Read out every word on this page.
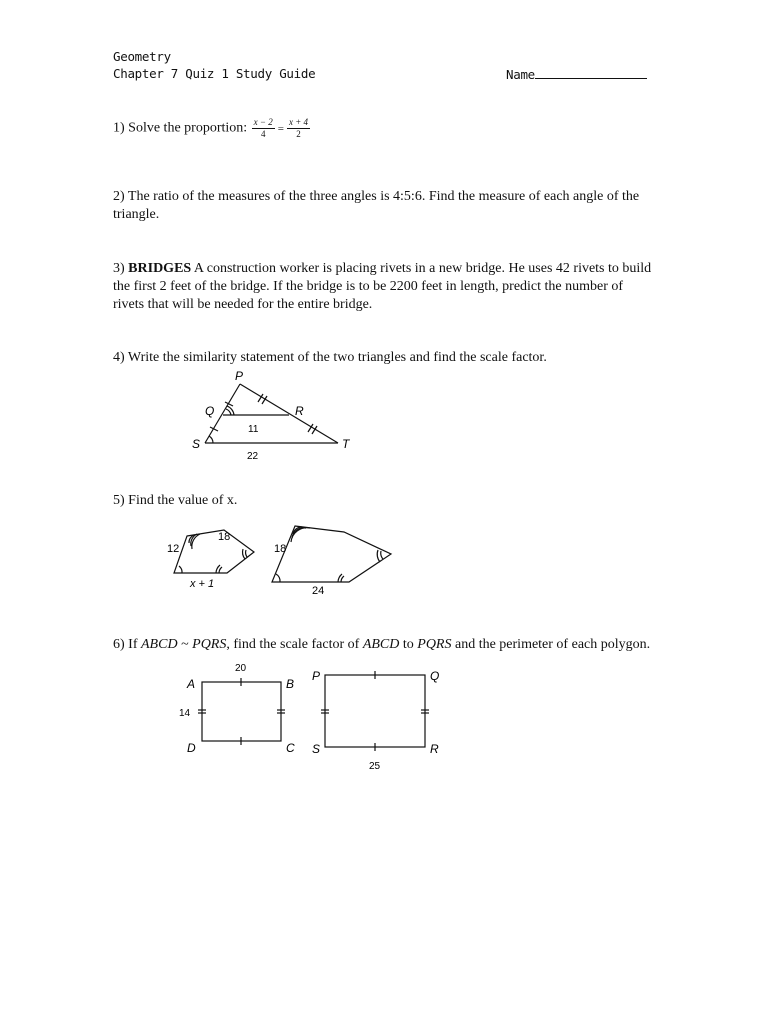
Geometry
Chapter 7 Quiz 1 Study Guide	Name
1) Solve the proportion: $\frac{x - 2}{4} = \frac{x + 4}{2}$
2) The ratio of the measures of the three angles is 4:5:6. Find the measure of each angle of the triangle.
3) BRIDGES A construction worker is placing rivets in a new bridge. He uses 42 rivets to build the first 2 feet of the bridge. If the bridge is to be 2200 feet in length, predict the number of rivets that will be needed for the entire bridge.
4) Write the similarity statement of the two triangles and find the scale factor.
P
Q	R
S	T
11
22
5) Find the value of x.
18
12
x + 1
18
24
6) If ABCD ~ PQRS, find the scale factor of ABCD to PQRS and the perimeter of each polygon.
20
14
25
A	B
C
D
P	Q
R
S
